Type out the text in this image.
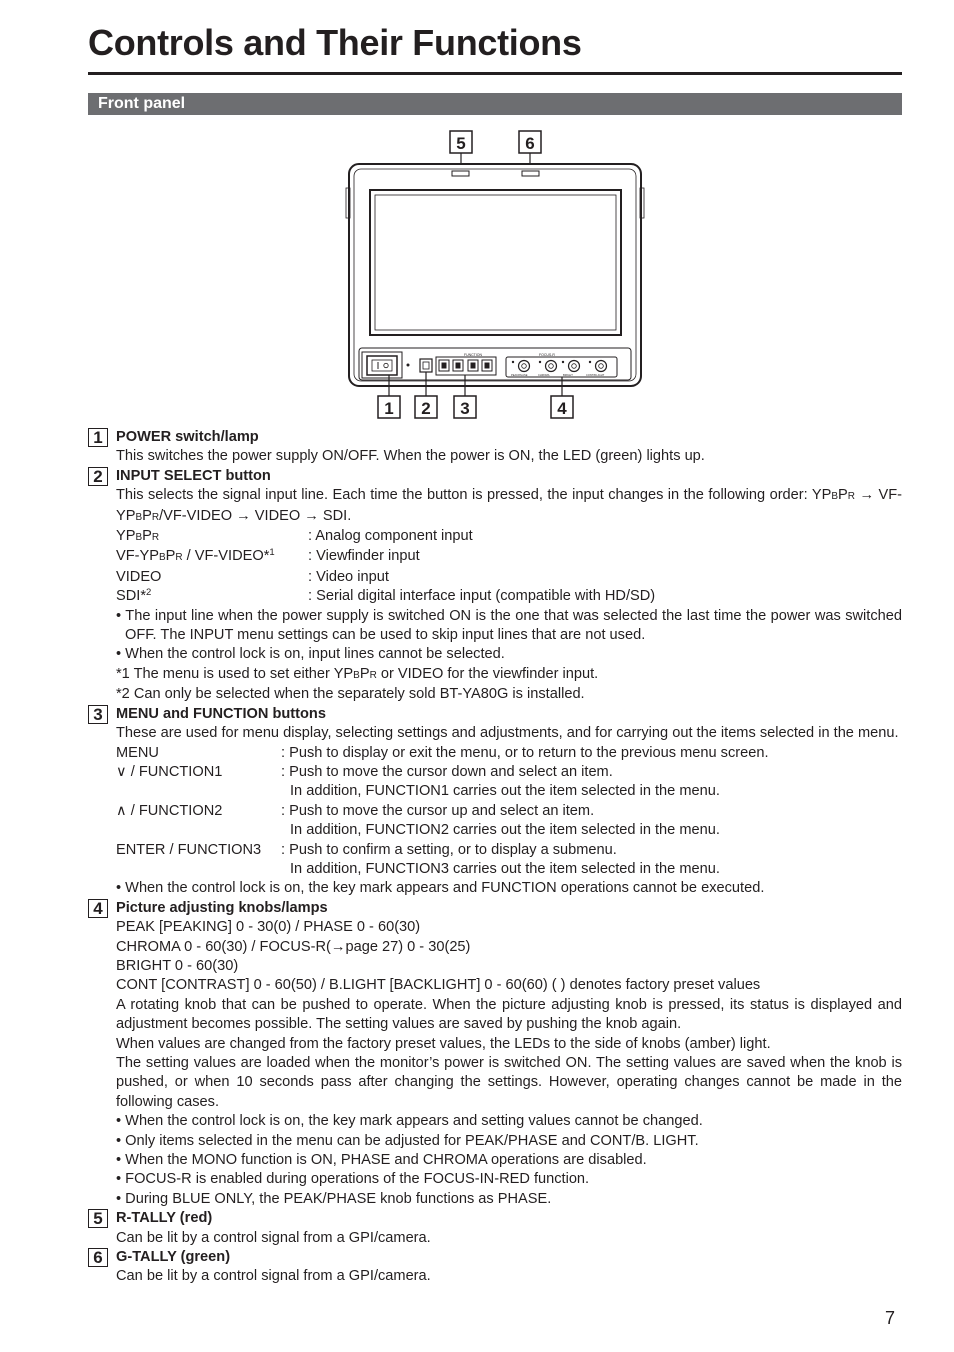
Controls and Their Functions
Front panel
5	6
FUNCTION	FOCUS-R
PEAK/PHASE	CHROMA	BRIGHT	CONT/B.LIGHT
1 2 3	4
1 POWER switch/lamp

This switches the power supply ON/OFF. When the power is ON, the LED (green) lights up.

2 INPUT SELECT button

This selects the signal input line. Each time the button is pressed, the input changes in the following order: YPBPR → VF-YPBPR/VF-VIDEO → VIDEO → SDI.

YPBPR	: Analog component input
VF-YPBPR / VF-VIDEO*$^1$	: Viewfinder input
VIDEO	: Video input
SDI*$^2$	: Serial digital interface input (compatible with HD/SD)

• The input line when the power supply is switched ON is the one that was selected the last time the power was switched OFF. The INPUT menu settings can be used to skip input lines that are not used.

• When the control lock is on, input lines cannot be selected.

*1 The menu is used to set either YPBPR or VIDEO for the viewfinder input.

*2 Can only be selected when the separately sold BT-YA80G is installed.

3 MENU and FUNCTION buttons

These are used for menu display, selecting settings and adjustments, and for carrying out the items selected in the menu.

MENU	: Push to display or exit the menu, or to return to the previous menu screen.
∨ / FUNCTION1	: Push to move the cursor down and select an item.

In addition, FUNCTION1 carries out the item selected in the menu.

∧ / FUNCTION2	: Push to move the cursor up and select an item.

In addition, FUNCTION2 carries out the item selected in the menu.

ENTER / FUNCTION3	: Push to confirm a setting, or to display a submenu.

In addition, FUNCTION3 carries out the item selected in the menu.

• When the control lock is on, the key mark appears and FUNCTION operations cannot be executed.

4 Picture adjusting knobs/lamps

PEAK [PEAKING] 0 - 30(0) / PHASE 0 - 60(30)

CHROMA 0 - 60(30) / FOCUS-R(→page 27) 0 - 30(25)

BRIGHT 0 - 60(30)

CONT [CONTRAST] 0 - 60(50) / B.LIGHT [BACKLIGHT] 0 - 60(60) ( ) denotes factory preset values

A rotating knob that can be pushed to operate. When the picture adjusting knob is pressed, its status is displayed and adjustment becomes possible. The setting values are saved by pushing the knob again.

When values are changed from the factory preset values, the LEDs to the side of knobs (amber) light.

The setting values are loaded when the monitor’s power is switched ON. The setting values are saved when the knob is pushed, or when 10 seconds pass after changing the settings. However, operating changes cannot be made in the following cases.

• When the control lock is on, the key mark appears and setting values cannot be changed.

• Only items selected in the menu can be adjusted for PEAK/PHASE and CONT/B. LIGHT.

• When the MONO function is ON, PHASE and CHROMA operations are disabled.

• FOCUS-R is enabled during operations of the FOCUS-IN-RED function.

• During BLUE ONLY, the PEAK/PHASE knob functions as PHASE.

5 R-TALLY (red)

Can be lit by a control signal from a GPI/camera.

6 G-TALLY (green)

Can be lit by a control signal from a GPI/camera.

7
